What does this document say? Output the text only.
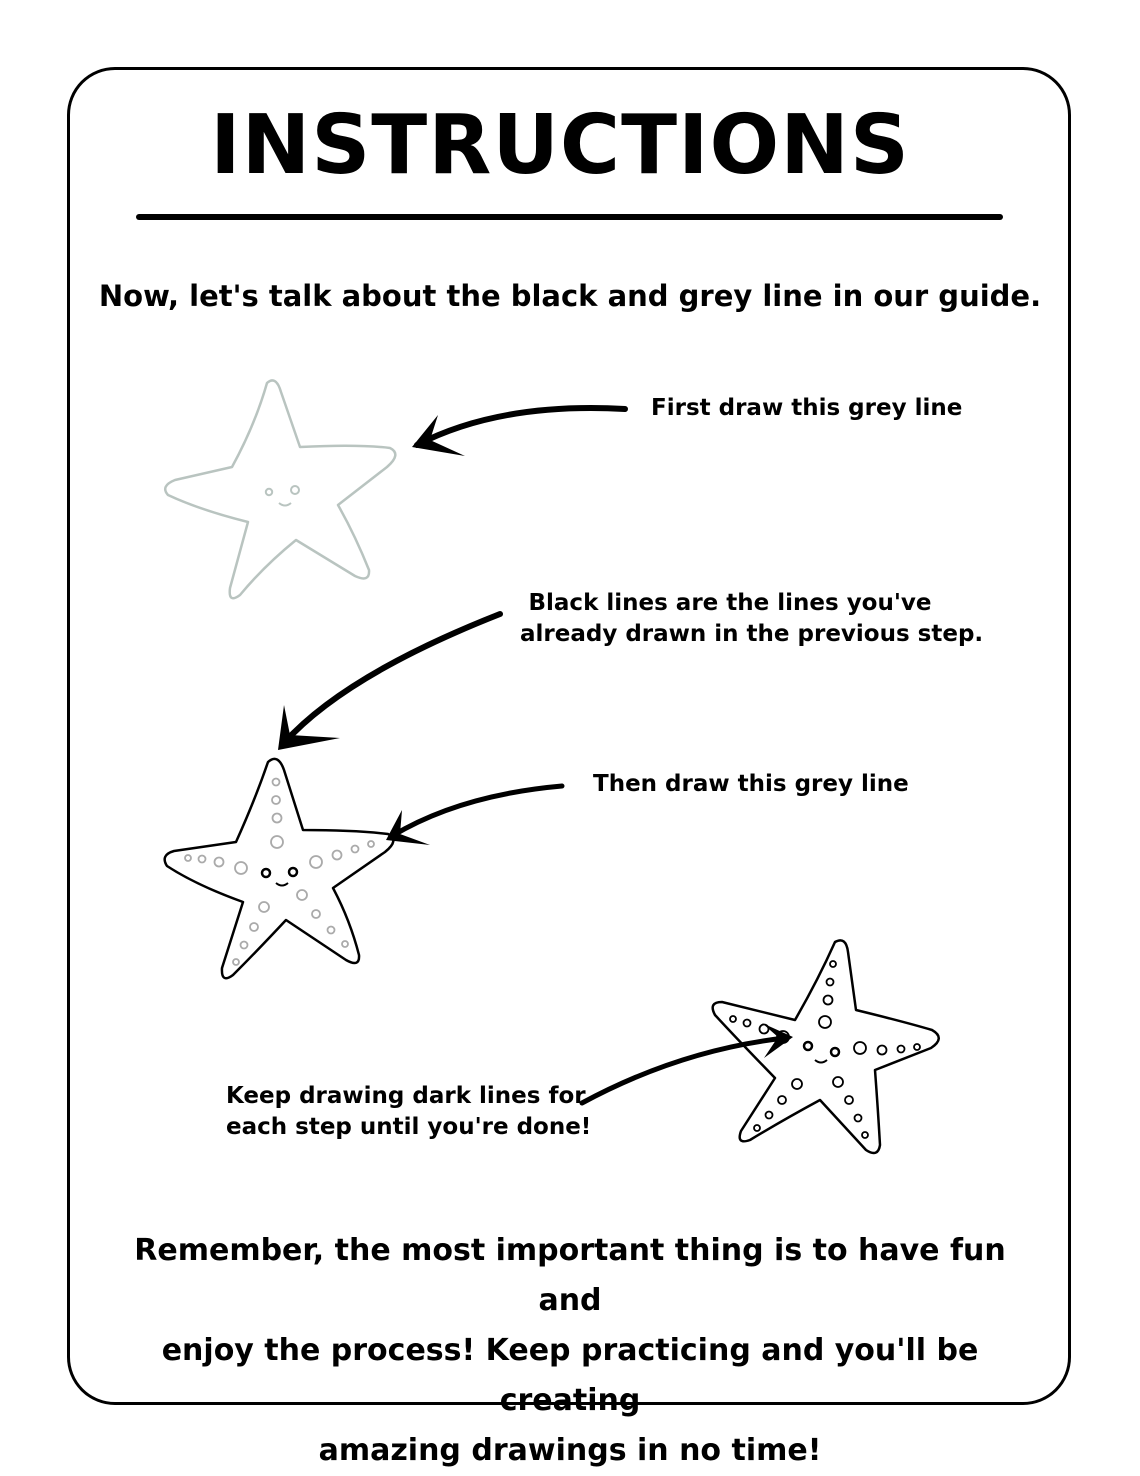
INSTRUCTIONS
Now, let's talk about the black and grey line in our guide.
First draw this grey line
Black lines are the lines you've
already drawn in the previous step.
Then draw this grey line
Keep drawing dark lines for
each step until you're done!
Remember, the most important thing is to have fun and
enjoy the process! Keep practicing and you'll be creating
amazing drawings in no time!
